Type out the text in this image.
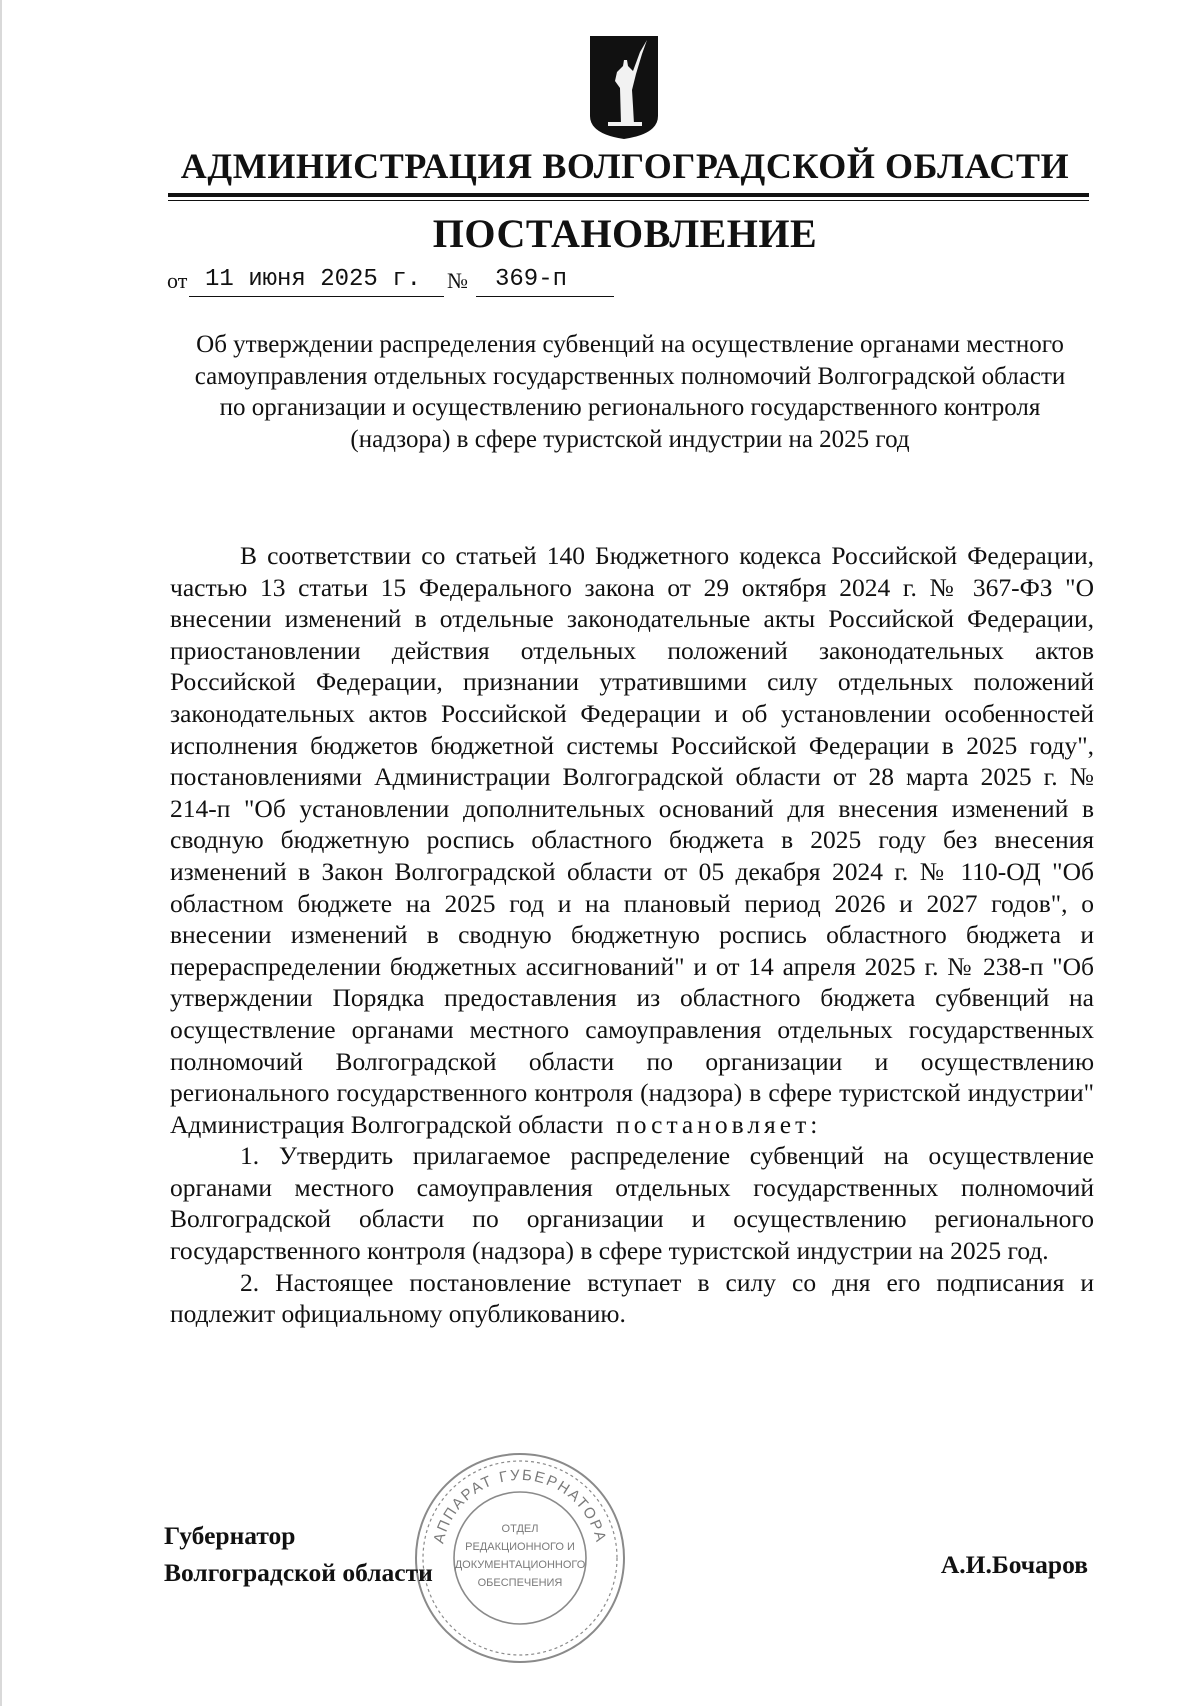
АДМИНИСТРАЦИЯ ВОЛГОГРАДСКОЙ ОБЛАСТИ
ПОСТАНОВЛЕНИЕ
от 11 июня 2025 г. № 369-п
Об утверждении распределения субвенций на осуществление органами местного самоуправления отдельных государственных полномочий Волгоградской области по организации и осуществлению регионального государственного контроля (надзора) в сфере туристской индустрии на 2025 год

В соответствии со статьей 140 Бюджетного кодекса Российской Федерации, частью 13 статьи 15 Федерального закона от 29 октября 2024 г. № 367-ФЗ "О внесении изменений в отдельные законодательные акты Российской Федерации, приостановлении действия отдельных положений законодательных актов Российской Федерации, признании утратившими силу отдельных положений законодательных актов Российской Федерации и об установлении особенностей исполнения бюджетов бюджетной системы Российской Федерации в 2025 году", постановлениями Администрации Волгоградской области от 28 марта 2025 г. № 214-п "Об установлении дополнительных оснований для внесения изменений в сводную бюджетную роспись областного бюджета в 2025 году без внесения изменений в Закон Волгоградской области от 05 декабря 2024 г. № 110-ОД "Об областном бюджете на 2025 год и на плановый период 2026 и 2027 годов", о внесении изменений в сводную бюджетную роспись областного бюджета и перераспределении бюджетных ассигнований" и от 14 апреля 2025 г. № 238-п "Об утверждении Порядка предоставления из областного бюджета субвенций на осуществление органами местного самоуправления отдельных государственных полномочий Волгоградской области по организации и осуществлению регионального государственного контроля (надзора) в сфере туристской индустрии" Администрация Волгоградской области постановляет:

1. Утвердить прилагаемое распределение субвенций на осуществление органами местного самоуправления отдельных государственных полномочий Волгоградской области по организации и осуществлению регионального государственного контроля (надзора) в сфере туристской индустрии на 2025 год.

2. Настоящее постановление вступает в силу со дня его подписания и подлежит официальному опубликованию.

АППАРАТ ГУБЕРНАТОРА
ОТДЕЛ
РЕДАКЦИОННОГО И
ДОКУМЕНТАЦИОННОГО
ОБЕСПЕЧЕНИЯ
Губернатор
Волгоградской области	А.И.Бочаров
